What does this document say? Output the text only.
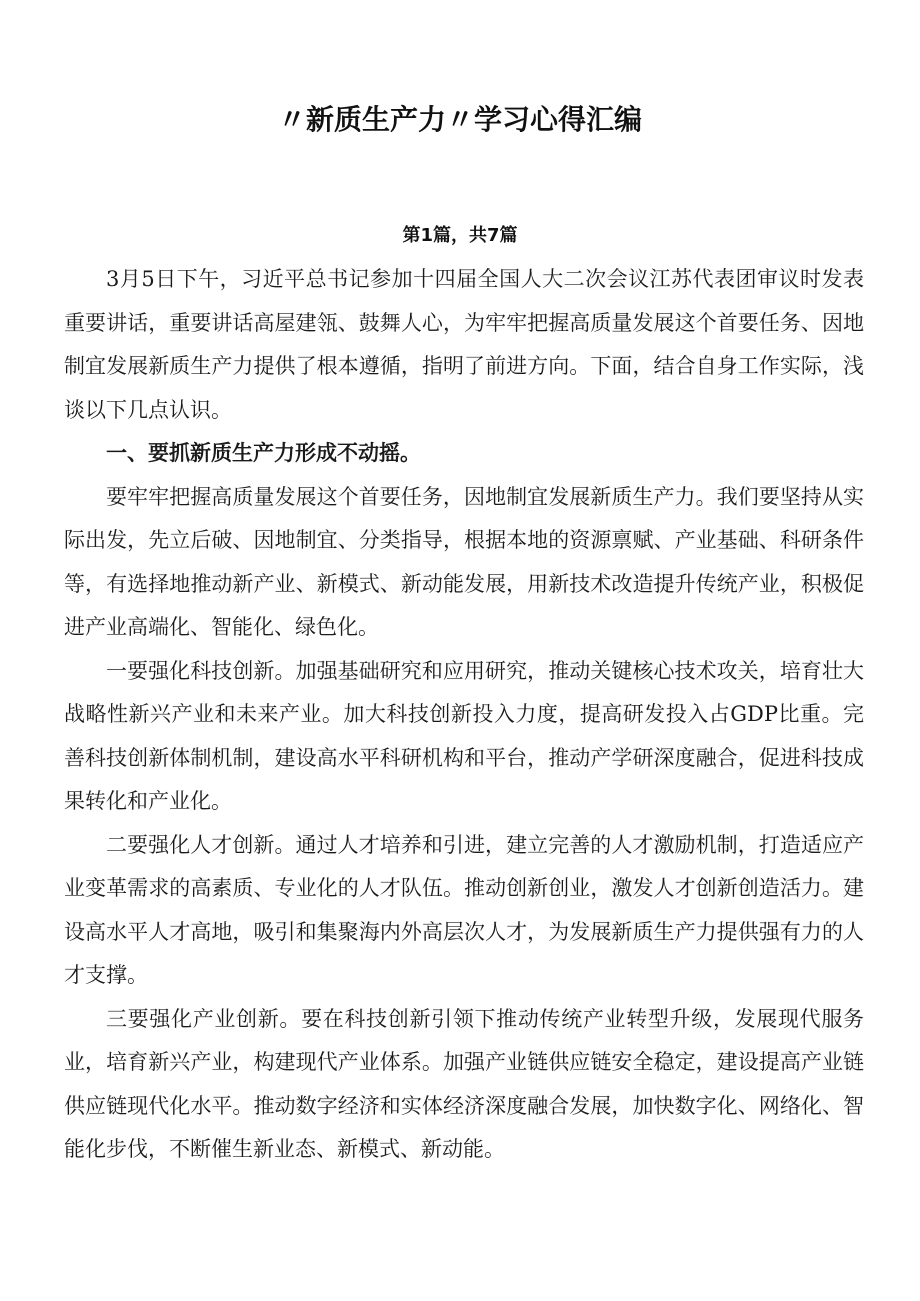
〃新质生产力〃学习心得汇编
第1篇，共7篇

3月5日下午，习近平总书记参加十四届全国人大二次会议江苏代表团审议时发表重要讲话，重要讲话高屋建瓴、鼓舞人心，为牢牢把握高质量发展这个首要任务、因地制宜发展新质生产力提供了根本遵循，指明了前进方向。下面，结合自身工作实际，浅谈以下几点认识。

一、要抓新质生产力形成不动摇。

要牢牢把握高质量发展这个首要任务，因地制宜发展新质生产力。我们要坚持从实际出发，先立后破、因地制宜、分类指导，根据本地的资源禀赋、产业基础、科研条件等，有选择地推动新产业、新模式、新动能发展，用新技术改造提升传统产业，积极促进产业高端化、智能化、绿色化。

一要强化科技创新。加强基础研究和应用研究，推动关键核心技术攻关，培育壮大战略性新兴产业和未来产业。加大科技创新投入力度，提高研发投入占GDP比重。完善科技创新体制机制，建设高水平科研机构和平台，推动产学研深度融合，促进科技成果转化和产业化。

二要强化人才创新。通过人才培养和引进，建立完善的人才激励机制，打造适应产业变革需求的高素质、专业化的人才队伍。推动创新创业，激发人才创新创造活力。建设高水平人才高地，吸引和集聚海内外高层次人才，为发展新质生产力提供强有力的人才支撑。

三要强化产业创新。要在科技创新引领下推动传统产业转型升级，发展现代服务业，培育新兴产业，构建现代产业体系。加强产业链供应链安全稳定，建设提高产业链供应链现代化水平。推动数字经济和实体经济深度融合发展，加快数字化、网络化、智能化步伐，不断催生新业态、新模式、新动能。
